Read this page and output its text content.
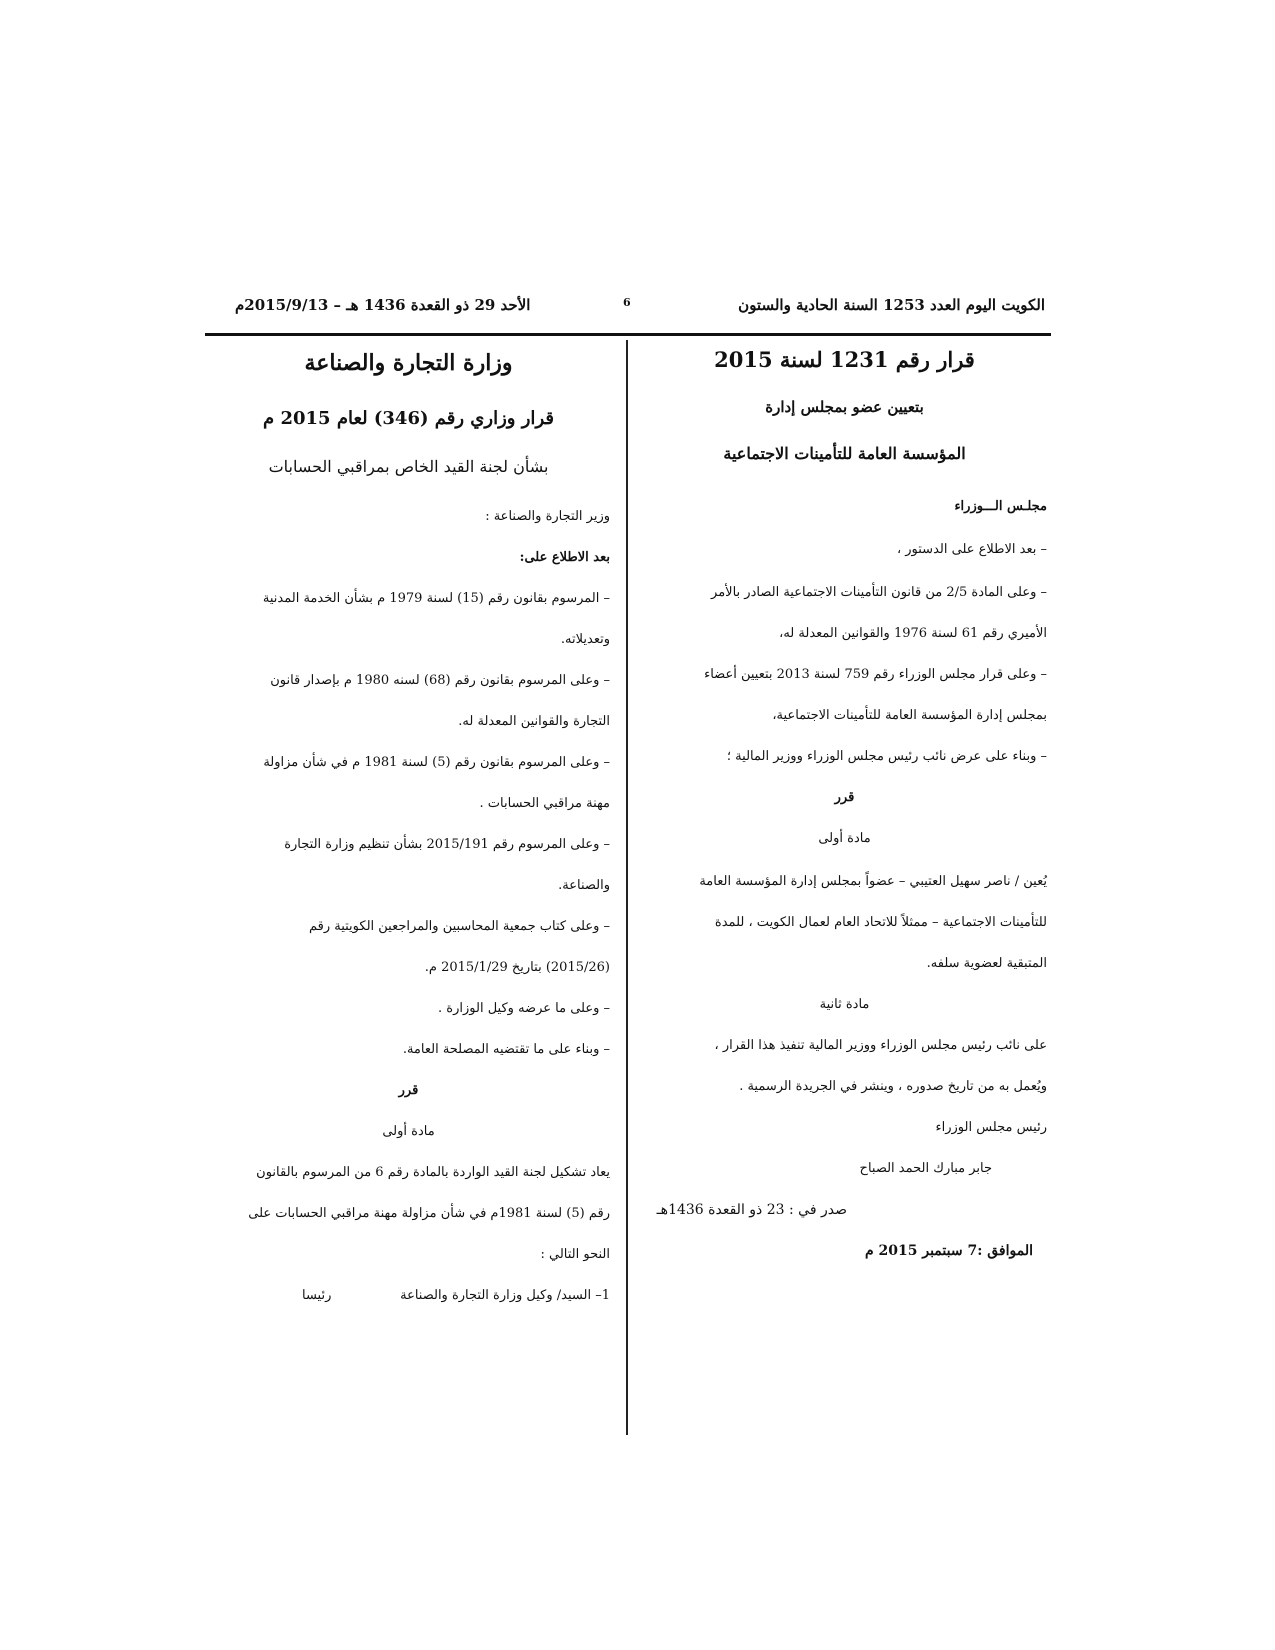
الكويت اليوم العدد 1253 السنة الحادية والستون
6
الأحد 29 ذو القعدة 1436 هـ – 2015/9/13م

قرار رقم 1231 لسنة 2015

بتعيين عضو بمجلس إدارة

المؤسسة العامة للتأمينات الاجتماعية

مجلـس الـــوزراء

– بعد الاطلاع على الدستور ،

– وعلى المادة 2/5 من قانون التأمينات الاجتماعية الصادر بالأمر

الأميري رقم 61 لسنة 1976 والقوانين المعدلة له،

– وعلى قرار مجلس الوزراء رقم 759 لسنة 2013 بتعيين أعضاء

بمجلس إدارة المؤسسة العامة للتأمينات الاجتماعية،

– وبناء على عرض نائب رئيس مجلس الوزراء ووزير المالية ؛

قرر

مادة أولى

يُعين / ناصر سهيل العتيبي – عضواً بمجلس إدارة المؤسسة العامة

للتأمينات الاجتماعية – ممثلاً للاتحاد العام لعمال الكويت ، للمدة

المتبقية لعضوية سلفه.

مادة ثانية

على نائب رئيس مجلس الوزراء ووزير المالية تنفيذ هذا القرار ،

ويُعمل به من تاريخ صدوره ، وينشر في الجريدة الرسمية .

رئيس مجلس الوزراء

جابر مبارك الحمد الصباح

صدر في : 23 ذو القعدة 1436هـ

الموافق :7 سبتمبر 2015 م

وزارة التجارة والصناعة

قرار وزاري رقم (346) لعام 2015 م

بشأن لجنة القيد الخاص بمراقبي الحسابات

وزير التجارة والصناعة :

بعد الاطلاع على:

– المرسوم بقانون رقم (15) لسنة 1979 م بشأن الخدمة المدنية

وتعديلاته.

– وعلى المرسوم بقانون رقم (68) لسنه 1980 م بإصدار قانون

التجارة والقوانين المعدلة له.

– وعلى المرسوم بقانون رقم (5) لسنة 1981 م في شأن مزاولة

مهنة مراقبي الحسابات .

– وعلى المرسوم رقم 2015/191 بشأن تنظيم وزارة التجارة

والصناعة.

– وعلى كتاب جمعية المحاسبين والمراجعين الكويتية رقم

(2015/26) بتاريخ 2015/1/29 م.

– وعلى ما عرضه وكيل الوزارة .

– وبناء على ما تقتضيه المصلحة العامة.

قرر

مادة أولى

يعاد تشكيل لجنة القيد الواردة بالمادة رقم 6 من المرسوم بالقانون

رقم (5) لسنة 1981م في شأن مزاولة مهنة مراقبي الحسابات على

النحو التالي :

1– السيد/ وكيل وزارة التجارة والصناعة
رئيسا
